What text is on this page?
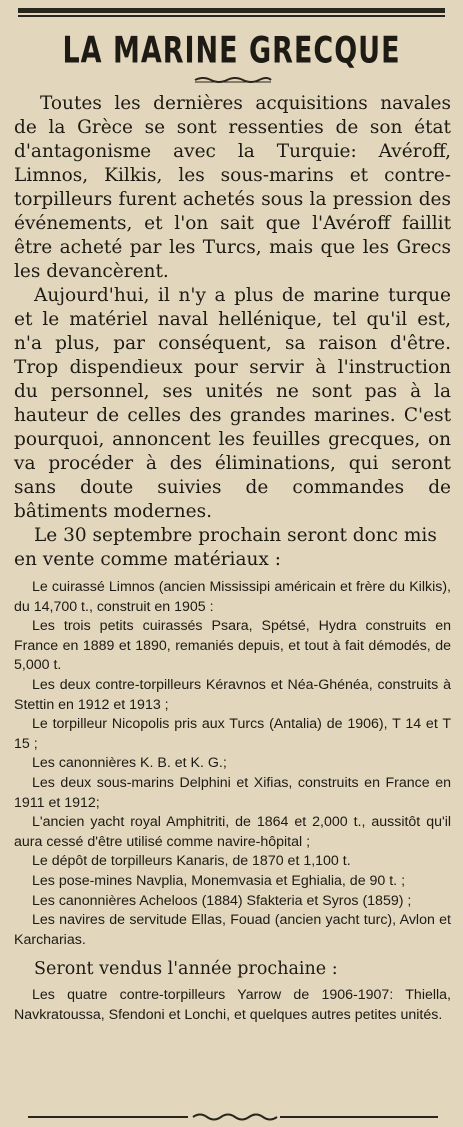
LA MARINE GRECQUE

Toutes les dernières acquisitions navales de la Grèce se sont ressenties de son état d'antagonisme avec la Turquie: Avéroff, Limnos, Kilkis, les sous-marins et contre-torpilleurs furent achetés sous la pression des événements, et l'on sait que l'Avéroff faillit être acheté par les Turcs, mais que les Grecs les devancèrent.

Aujourd'hui, il n'y a plus de marine turque et le matériel naval hellénique, tel qu'il est, n'a plus, par conséquent, sa raison d'être. Trop dispendieux pour servir à l'instruction du personnel, ses unités ne sont pas à la hauteur de celles des grandes marines. C'est pourquoi, annoncent les feuilles grecques, on va procéder à des éliminations, qui seront sans doute suivies de commandes de bâtiments modernes.

Le 30 septembre prochain seront donc mis en vente comme matériaux :

Le cuirassé Limnos (ancien Mississipi américain et frère du Kilkis), du 14,700 t., construit en 1905 :

Les trois petits cuirassés Psara, Spétsé, Hydra construits en France en 1889 et 1890, remaniés depuis, et tout à fait démodés, de 5,000 t.

Les deux contre-torpilleurs Kéravnos et Néa-Ghénéa, construits à Stettin en 1912 et 1913 ;

Le torpilleur Nicopolis pris aux Turcs (Antalia) de 1906), T 14 et T 15 ;

Les canonnières K. B. et K. G.;

Les deux sous-marins Delphini et Xifias, construits en France en 1911 et 1912;

L'ancien yacht royal Amphitriti, de 1864 et 2,000 t., aussitôt qu'il aura cessé d'être utilisé comme navire-hôpital ;

Le dépôt de torpilleurs Kanaris, de 1870 et 1,100 t.

Les pose-mines Navplia, Monemvasia et Eghialia, de 90 t. ;

Les canonnières Acheloos (1884) Sfakteria et Syros (1859) ;

Les navires de servitude Ellas, Fouad (ancien yacht turc), Avlon et Karcharias.

Seront vendus l'année prochaine :

Les quatre contre-torpilleurs Yarrow de 1906-1907: Thiella, Navkratoussa, Sfendoni et Lonchi, et quelques autres petites unités.
